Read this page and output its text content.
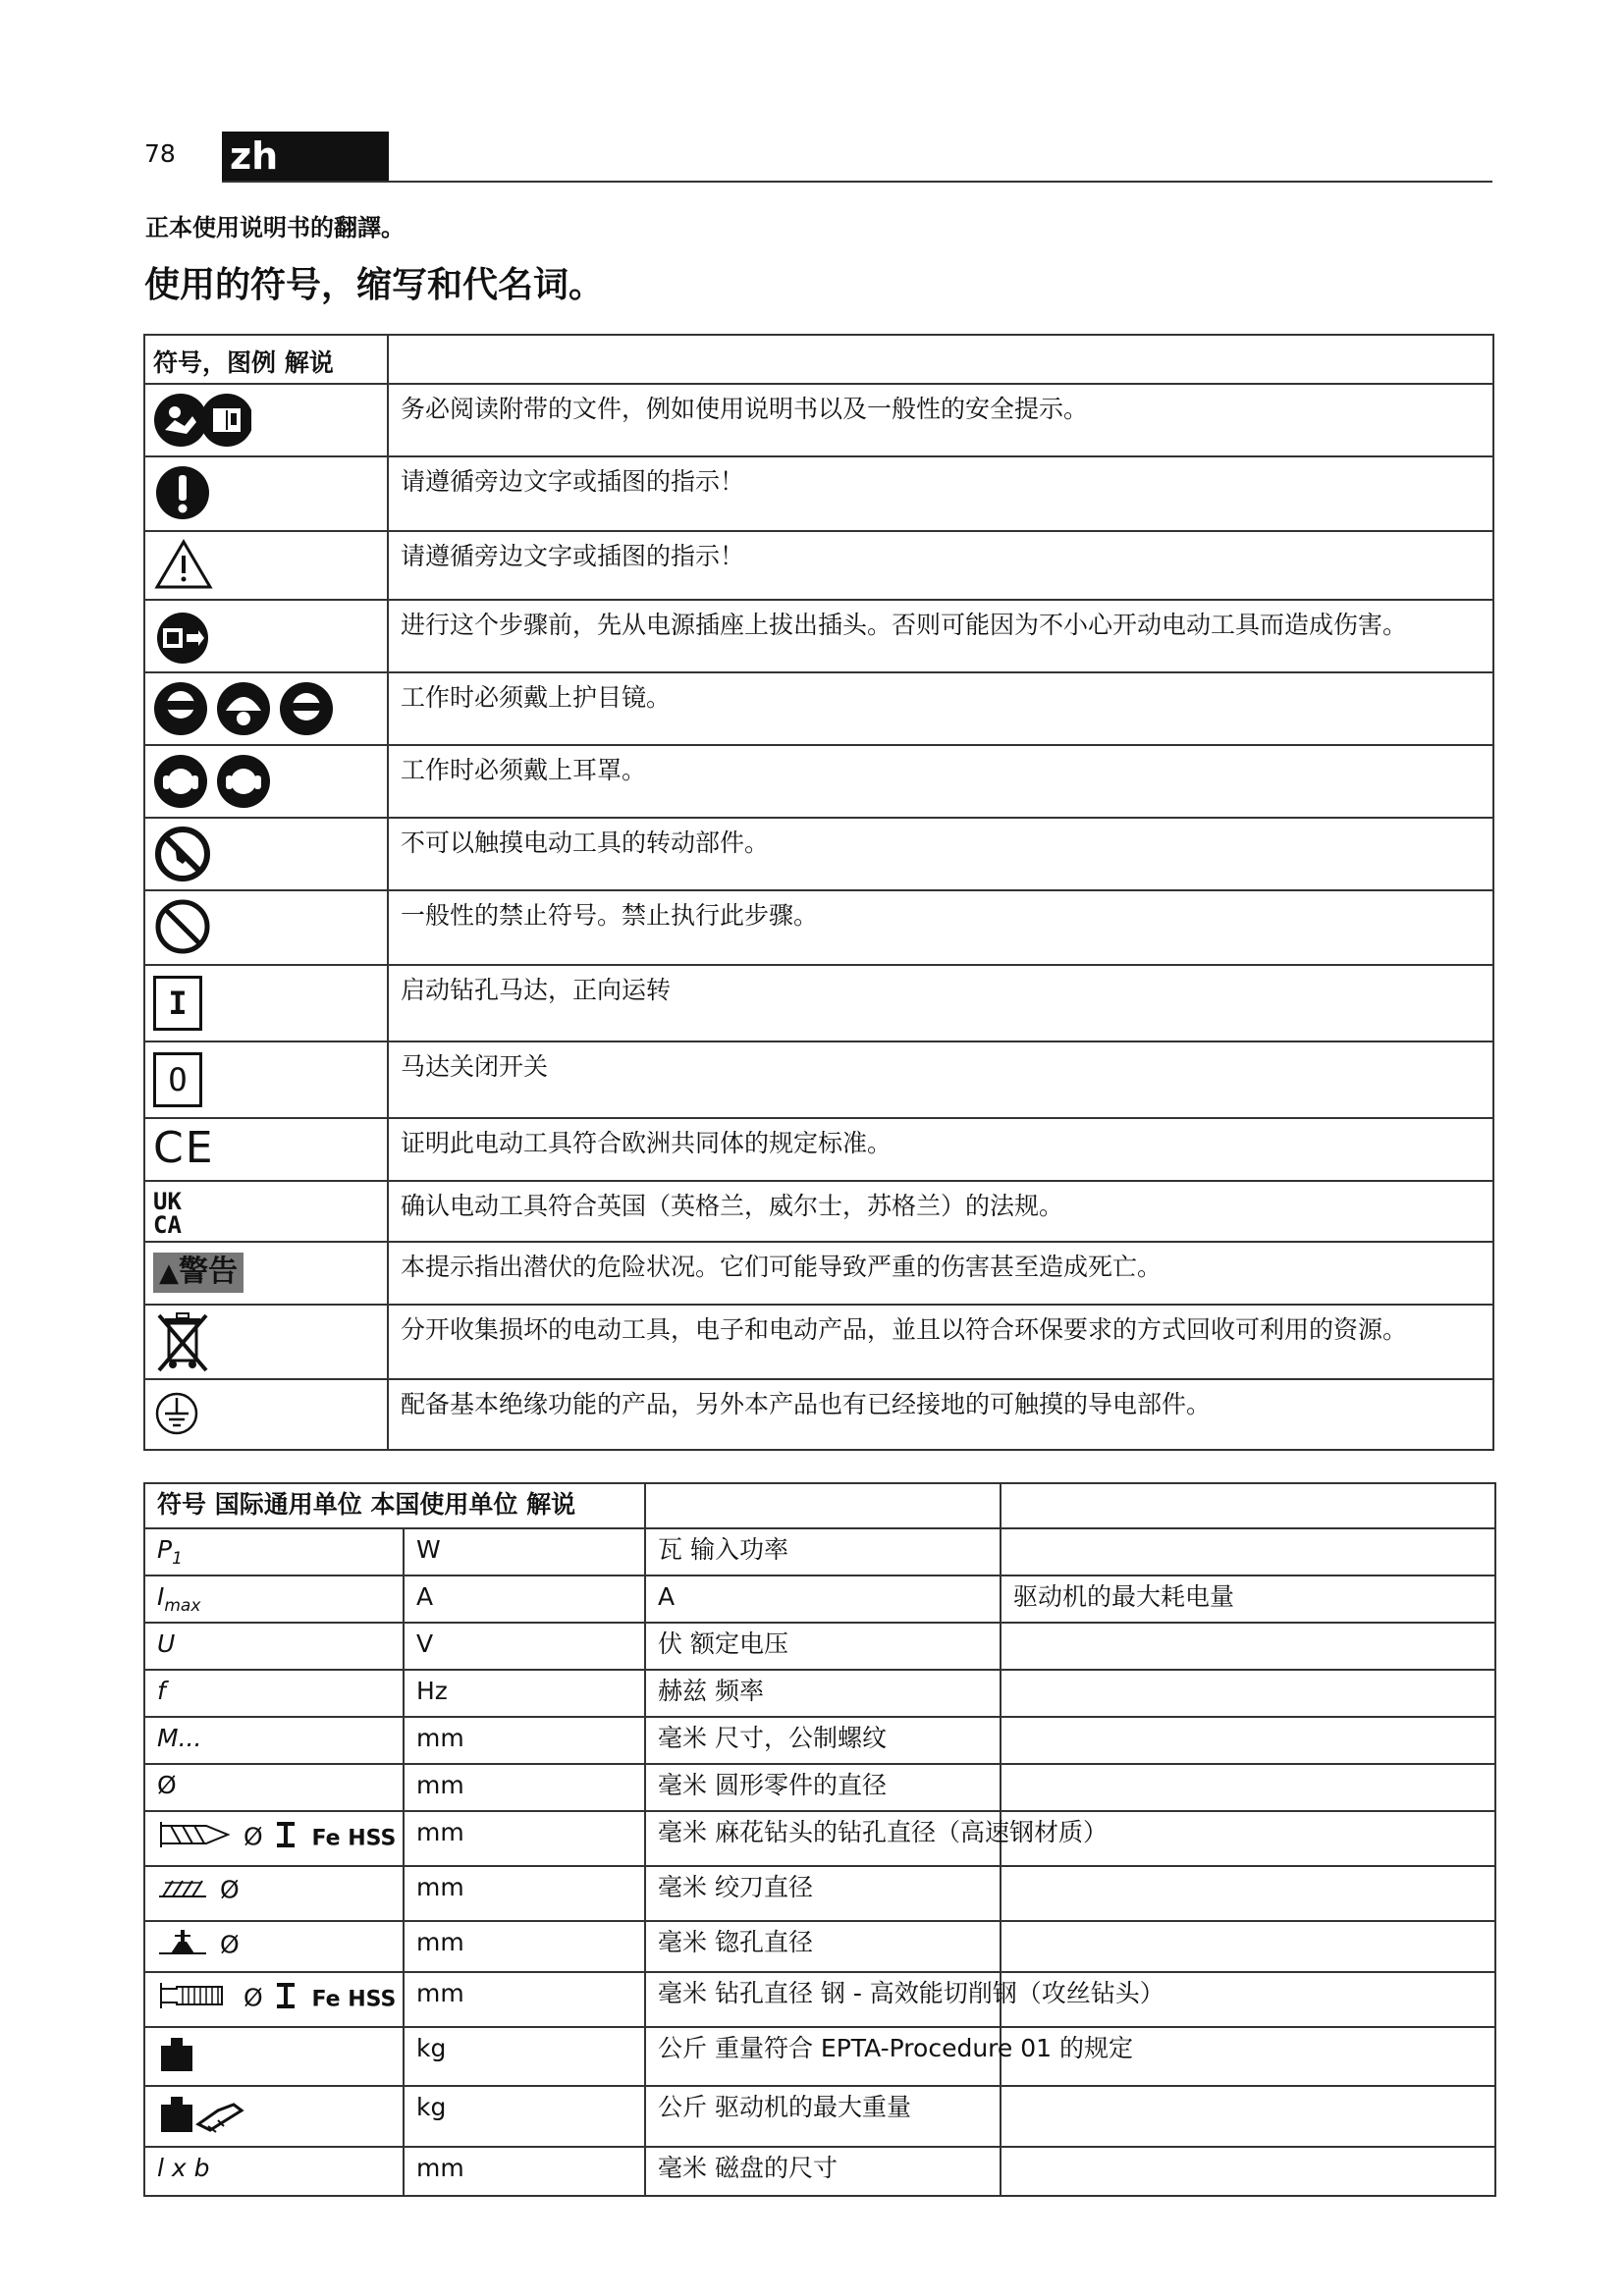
78 zh (CM)
正本使用说明书的翻譯。
使用的符号，缩写和代名词。
符号，图例 解说	
	务必阅读附带的文件，例如使用说明书以及一般性的安全提示。
	请遵循旁边文字或插图的指示！
	请遵循旁边文字或插图的指示！
	进行这个步骤前，先从电源插座上拔出插头。否则可能因为不小心开动电动工具而造成伤害。
	工作时必须戴上护目镜。
	工作时必须戴上耳罩。
	不可以触摸电动工具的转动部件。
	一般性的禁止符号。禁止执行此步骤。
I	启动钻孔马达，正向运转
O	马达关闭开关
CE	证明此电动工具符合欧洲共同体的规定标准。
UK
CA	确认电动工具符合英国（英格兰，威尔士，苏格兰）的法规。
▲警告	本提示指出潜伏的危险状况。它们可能导致严重的伤害甚至造成死亡。
	分开收集损坏的电动工具，电子和电动产品，並且以符合环保要求的方式回收可利用的资源。
	配备基本绝缘功能的产品，另外本产品也有已经接地的可触摸的导电部件。
符号 国际通用单位 本国使用单位 解说			

$P_1$	W	瓦 输入功率	
$I_{max}$	A	A	驱动机的最大耗电量
U	V	伏 额定电压	
f	Hz	赫兹 频率	
M...	mm	毫米 尺寸，公制螺纹	
Ø	mm	毫米 圆形零件的直径	
Ø Fe HSS	mm	毫米 麻花钻头的钻孔直径（高速钢材质）	
Ø	mm	毫米 绞刀直径	
Ø	mm	毫米 锪孔直径	
Ø Fe HSS	mm	毫米 钻孔直径 钢 - 高效能切削钢（攻丝钻头）	
	kg	公斤 重量符合 EPTA-Procedure 01 的规定	
	kg	公斤 驱动机的最大重量	
l x b	mm	毫米 磁盘的尺寸	
